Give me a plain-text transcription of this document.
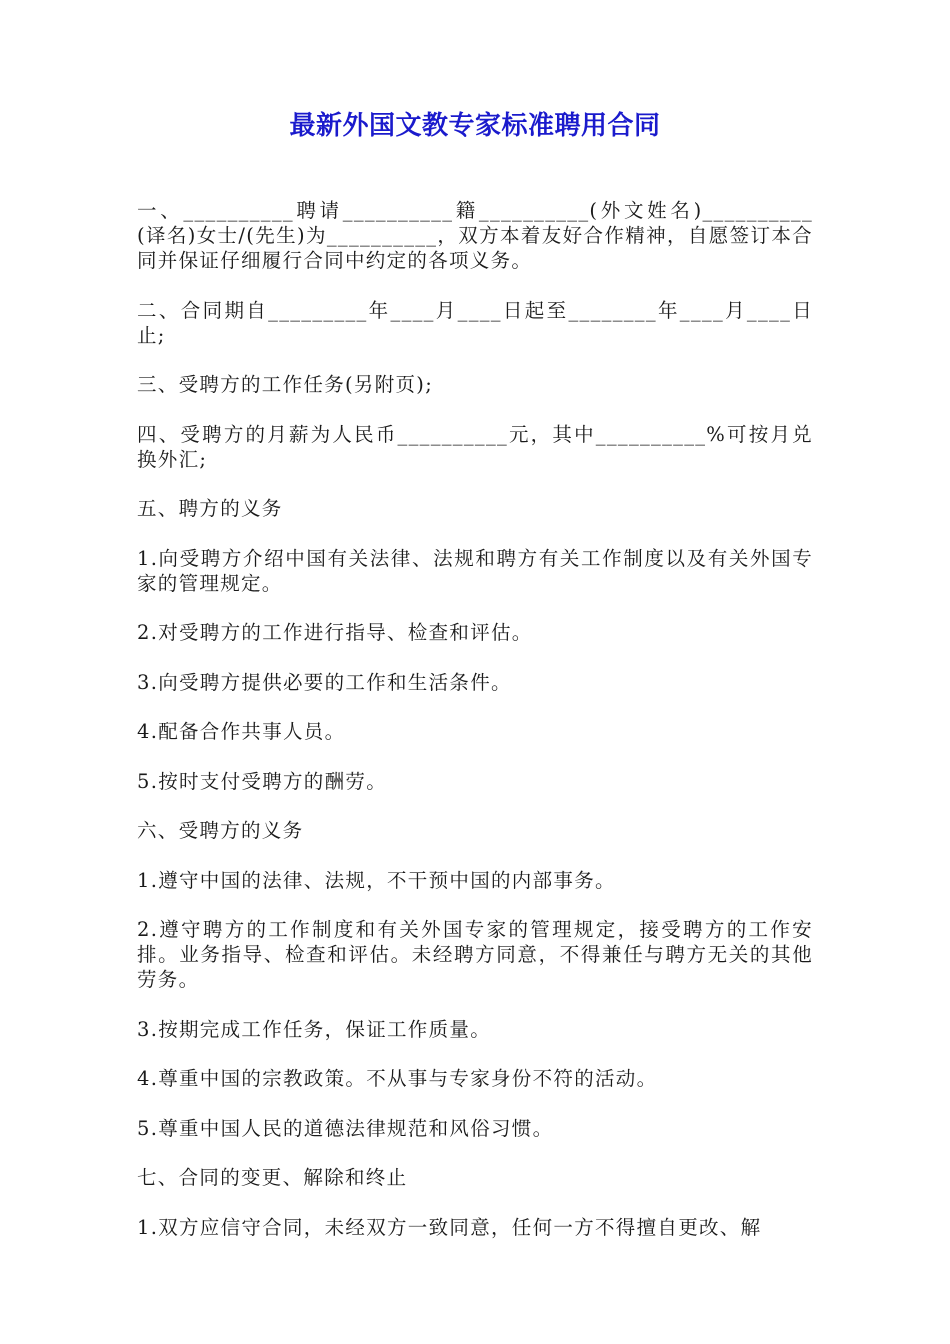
最新外国文教专家标准聘用合同

一、__________聘请__________籍__________(外文姓名)__________(译名)女士/(先生)为__________，双方本着友好合作精神，自愿签订本合同并保证仔细履行合同中约定的各项义务。

二、合同期自_________年____月____日起至________年____月____日止;

三、受聘方的工作任务(另附页);

四、受聘方的月薪为人民币__________元，其中__________%可按月兑换外汇;

五、聘方的义务

1.向受聘方介绍中国有关法律、法规和聘方有关工作制度以及有关外国专家的管理规定。

2.对受聘方的工作进行指导、检查和评估。

3.向受聘方提供必要的工作和生活条件。

4.配备合作共事人员。

5.按时支付受聘方的酬劳。

六、受聘方的义务

1.遵守中国的法律、法规，不干预中国的内部事务。

2.遵守聘方的工作制度和有关外国专家的管理规定，接受聘方的工作安排。业务指导、检查和评估。未经聘方同意，不得兼任与聘方无关的其他劳务。

3.按期完成工作任务，保证工作质量。

4.尊重中国的宗教政策。不从事与专家身份不符的活动。

5.尊重中国人民的道德法律规范和风俗习惯。

七、合同的变更、解除和终止

1.双方应信守合同，未经双方一致同意，任何一方不得擅自更改、解
